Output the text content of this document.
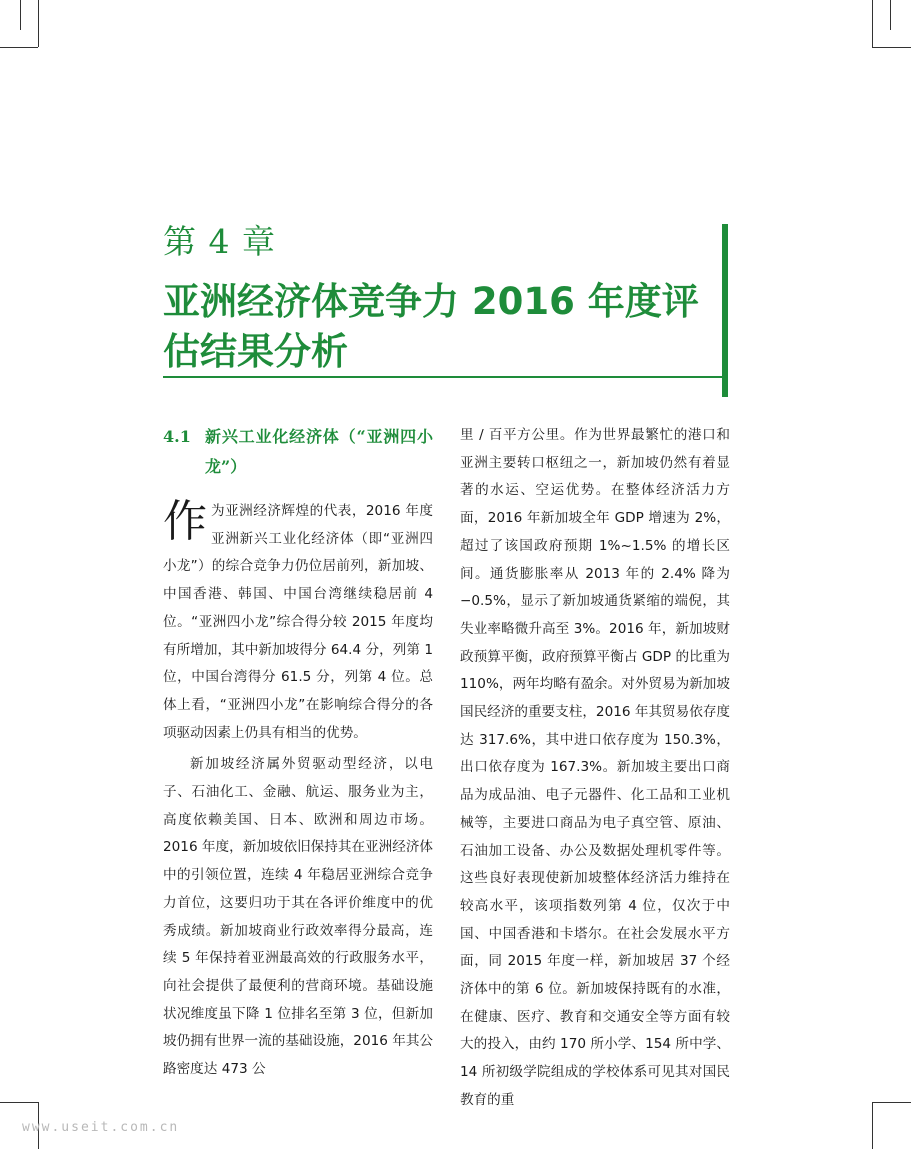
第 4 章
亚洲经济体竞争力 2016 年度评估结果分析
4.1 新兴工业化经济体（“亚洲四小龙”）

作为亚洲经济辉煌的代表，2016 年度亚洲新兴工业化经济体（即“亚洲四小龙”）的综合竞争力仍位居前列，新加坡、中国香港、韩国、中国台湾继续稳居前 4 位。“亚洲四小龙”综合得分较 2015 年度均有所增加，其中新加坡得分 64.4 分，列第 1 位，中国台湾得分 61.5 分，列第 4 位。总体上看，“亚洲四小龙”在影响综合得分的各项驱动因素上仍具有相当的优势。

新加坡经济属外贸驱动型经济，以电子、石油化工、金融、航运、服务业为主，高度依赖美国、日本、欧洲和周边市场。2016 年度，新加坡依旧保持其在亚洲经济体中的引领位置，连续 4 年稳居亚洲综合竞争力首位，这要归功于其在各评价维度中的优秀成绩。新加坡商业行政效率得分最高，连续 5 年保持着亚洲最高效的行政服务水平，向社会提供了最便利的营商环境。基础设施状况维度虽下降 1 位排名至第 3 位，但新加坡仍拥有世界一流的基础设施，2016 年其公路密度达 473 公

里 / 百平方公里。作为世界最繁忙的港口和亚洲主要转口枢纽之一，新加坡仍然有着显著的水运、空运优势。在整体经济活力方面，2016 年新加坡全年 GDP 增速为 2%，超过了该国政府预期 1%~1.5% 的增长区间。通货膨胀率从 2013 年的 2.4% 降为 −0.5%，显示了新加坡通货紧缩的端倪，其失业率略微升高至 3%。2016 年，新加坡财政预算平衡，政府预算平衡占 GDP 的比重为 110%，两年均略有盈余。对外贸易为新加坡国民经济的重要支柱，2016 年其贸易依存度达 317.6%，其中进口依存度为 150.3%，出口依存度为 167.3%。新加坡主要出口商品为成品油、电子元器件、化工品和工业机械等，主要进口商品为电子真空管、原油、石油加工设备、办公及数据处理机零件等。这些良好表现使新加坡整体经济活力维持在较高水平，该项指数列第 4 位，仅次于中国、中国香港和卡塔尔。在社会发展水平方面，同 2015 年度一样，新加坡居 37 个经济体中的第 6 位。新加坡保持既有的水准，在健康、医疗、教育和交通安全等方面有较大的投入，由约 170 所小学、154 所中学、14 所初级学院组成的学校体系可见其对国民教育的重

www.useit.com.cn
